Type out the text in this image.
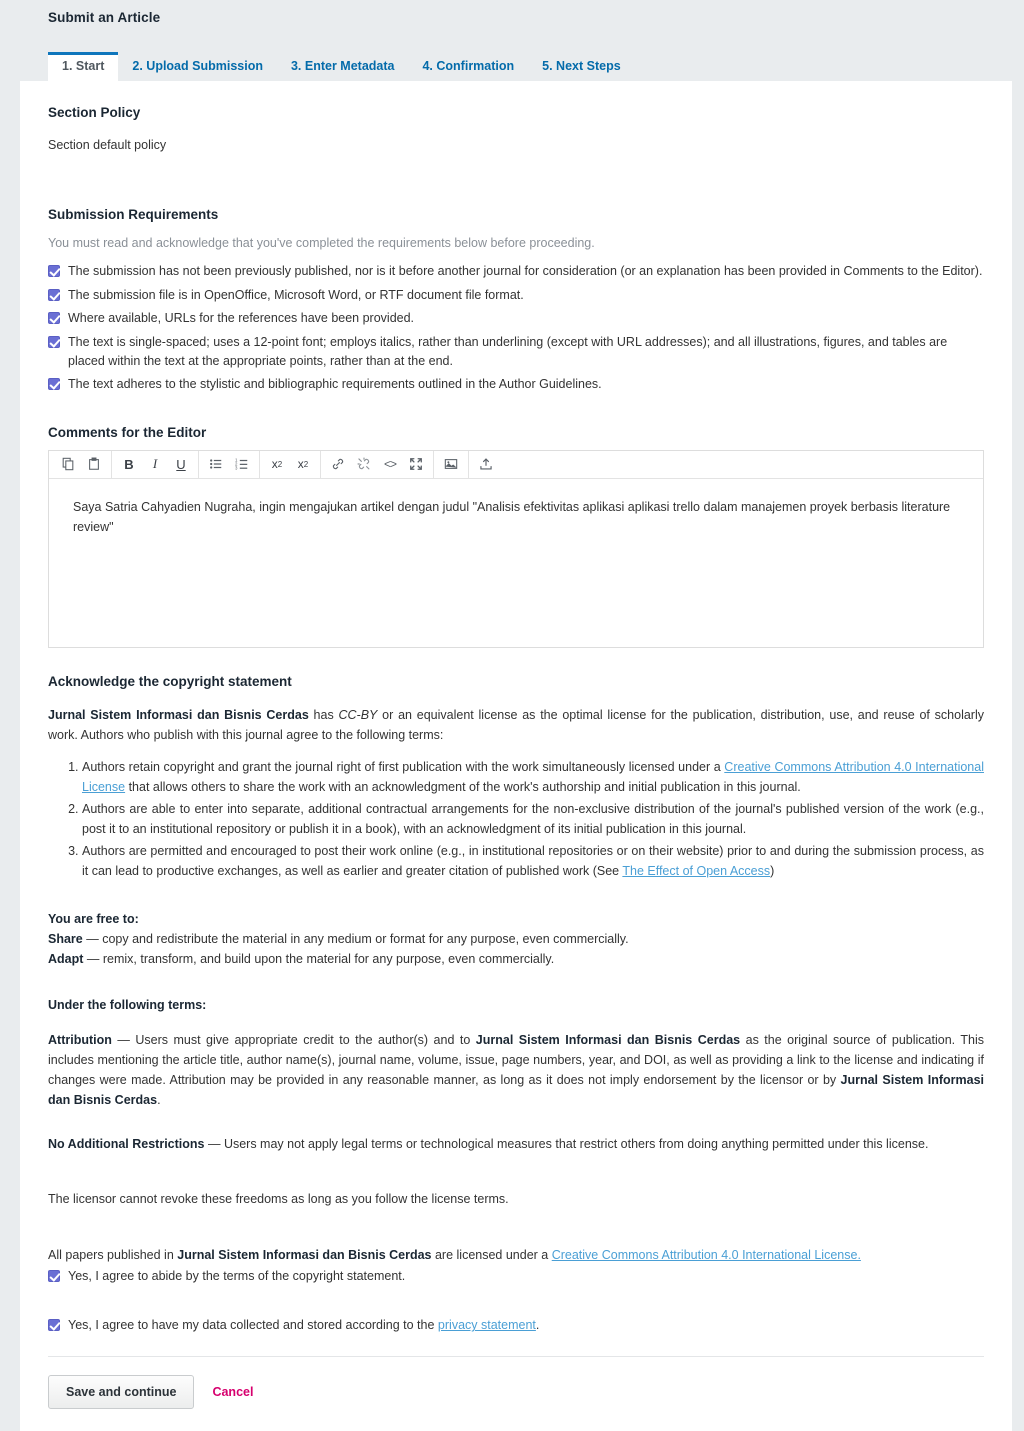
Submit an Article
1. Start	2. Upload Submission	3. Enter Metadata	4. Confirmation	5. Next Steps
Section Policy

Section default policy

Submission Requirements

You must read and acknowledge that you've completed the requirements below before proceeding.

The submission has not been previously published, nor is it before another journal for consideration (or an explanation has been provided in Comments to the Editor).
The submission file is in OpenOffice, Microsoft Word, or RTF document file format.
Where available, URLs for the references have been provided.
The text is single-spaced; uses a 12-point font; employs italics, rather than underlining (except with URL addresses); and all illustrations, figures, and tables are placed within the text at the appropriate points, rather than at the end.
The text adheres to the stylistic and bibliographic requirements outlined in the Author Guidelines.
Comments for the Editor
B	I	U	1
2
3	x 2	x 2	<>
Saya Satria Cahyadien Nugraha, ingin mengajukan artikel dengan judul "Analisis efektivitas aplikasi aplikasi trello dalam manajemen proyek berbasis literature review"
Acknowledge the copyright statement

Jurnal Sistem Informasi dan Bisnis Cerdas has CC-BY or an equivalent license as the optimal license for the publication, distribution, use, and reuse of scholarly work. Authors who publish with this journal agree to the following terms:

1. Authors retain copyright and grant the journal right of first publication with the work simultaneously licensed under a Creative Commons Attribution 4.0 International License that allows others to share the work with an acknowledgment of the work's authorship and initial publication in this journal.
2. Authors are able to enter into separate, additional contractual arrangements for the non-exclusive distribution of the journal's published version of the work (e.g., post it to an institutional repository or publish it in a book), with an acknowledgment of its initial publication in this journal.
3. Authors are permitted and encouraged to post their work online (e.g., in institutional repositories or on their website) prior to and during the submission process, as it can lead to productive exchanges, as well as earlier and greater citation of published work (See The Effect of Open Access)
You are free to:
Share — copy and redistribute the material in any medium or format for any purpose, even commercially.
Adapt — remix, transform, and build upon the material for any purpose, even commercially.
Under the following terms:

Attribution — Users must give appropriate credit to the author(s) and to Jurnal Sistem Informasi dan Bisnis Cerdas as the original source of publication. This includes mentioning the article title, author name(s), journal name, volume, issue, page numbers, year, and DOI, as well as providing a link to the license and indicating if changes were made. Attribution may be provided in any reasonable manner, as long as it does not imply endorsement by the licensor or by Jurnal Sistem Informasi dan Bisnis Cerdas.

No Additional Restrictions — Users may not apply legal terms or technological measures that restrict others from doing anything permitted under this license.

The licensor cannot revoke these freedoms as long as you follow the license terms.

All papers published in Jurnal Sistem Informasi dan Bisnis Cerdas are licensed under a Creative Commons Attribution 4.0 International License.

Yes, I agree to abide by the terms of the copyright statement.
Yes, I agree to have my data collected and stored according to the privacy statement.
Save and continue	Cancel
